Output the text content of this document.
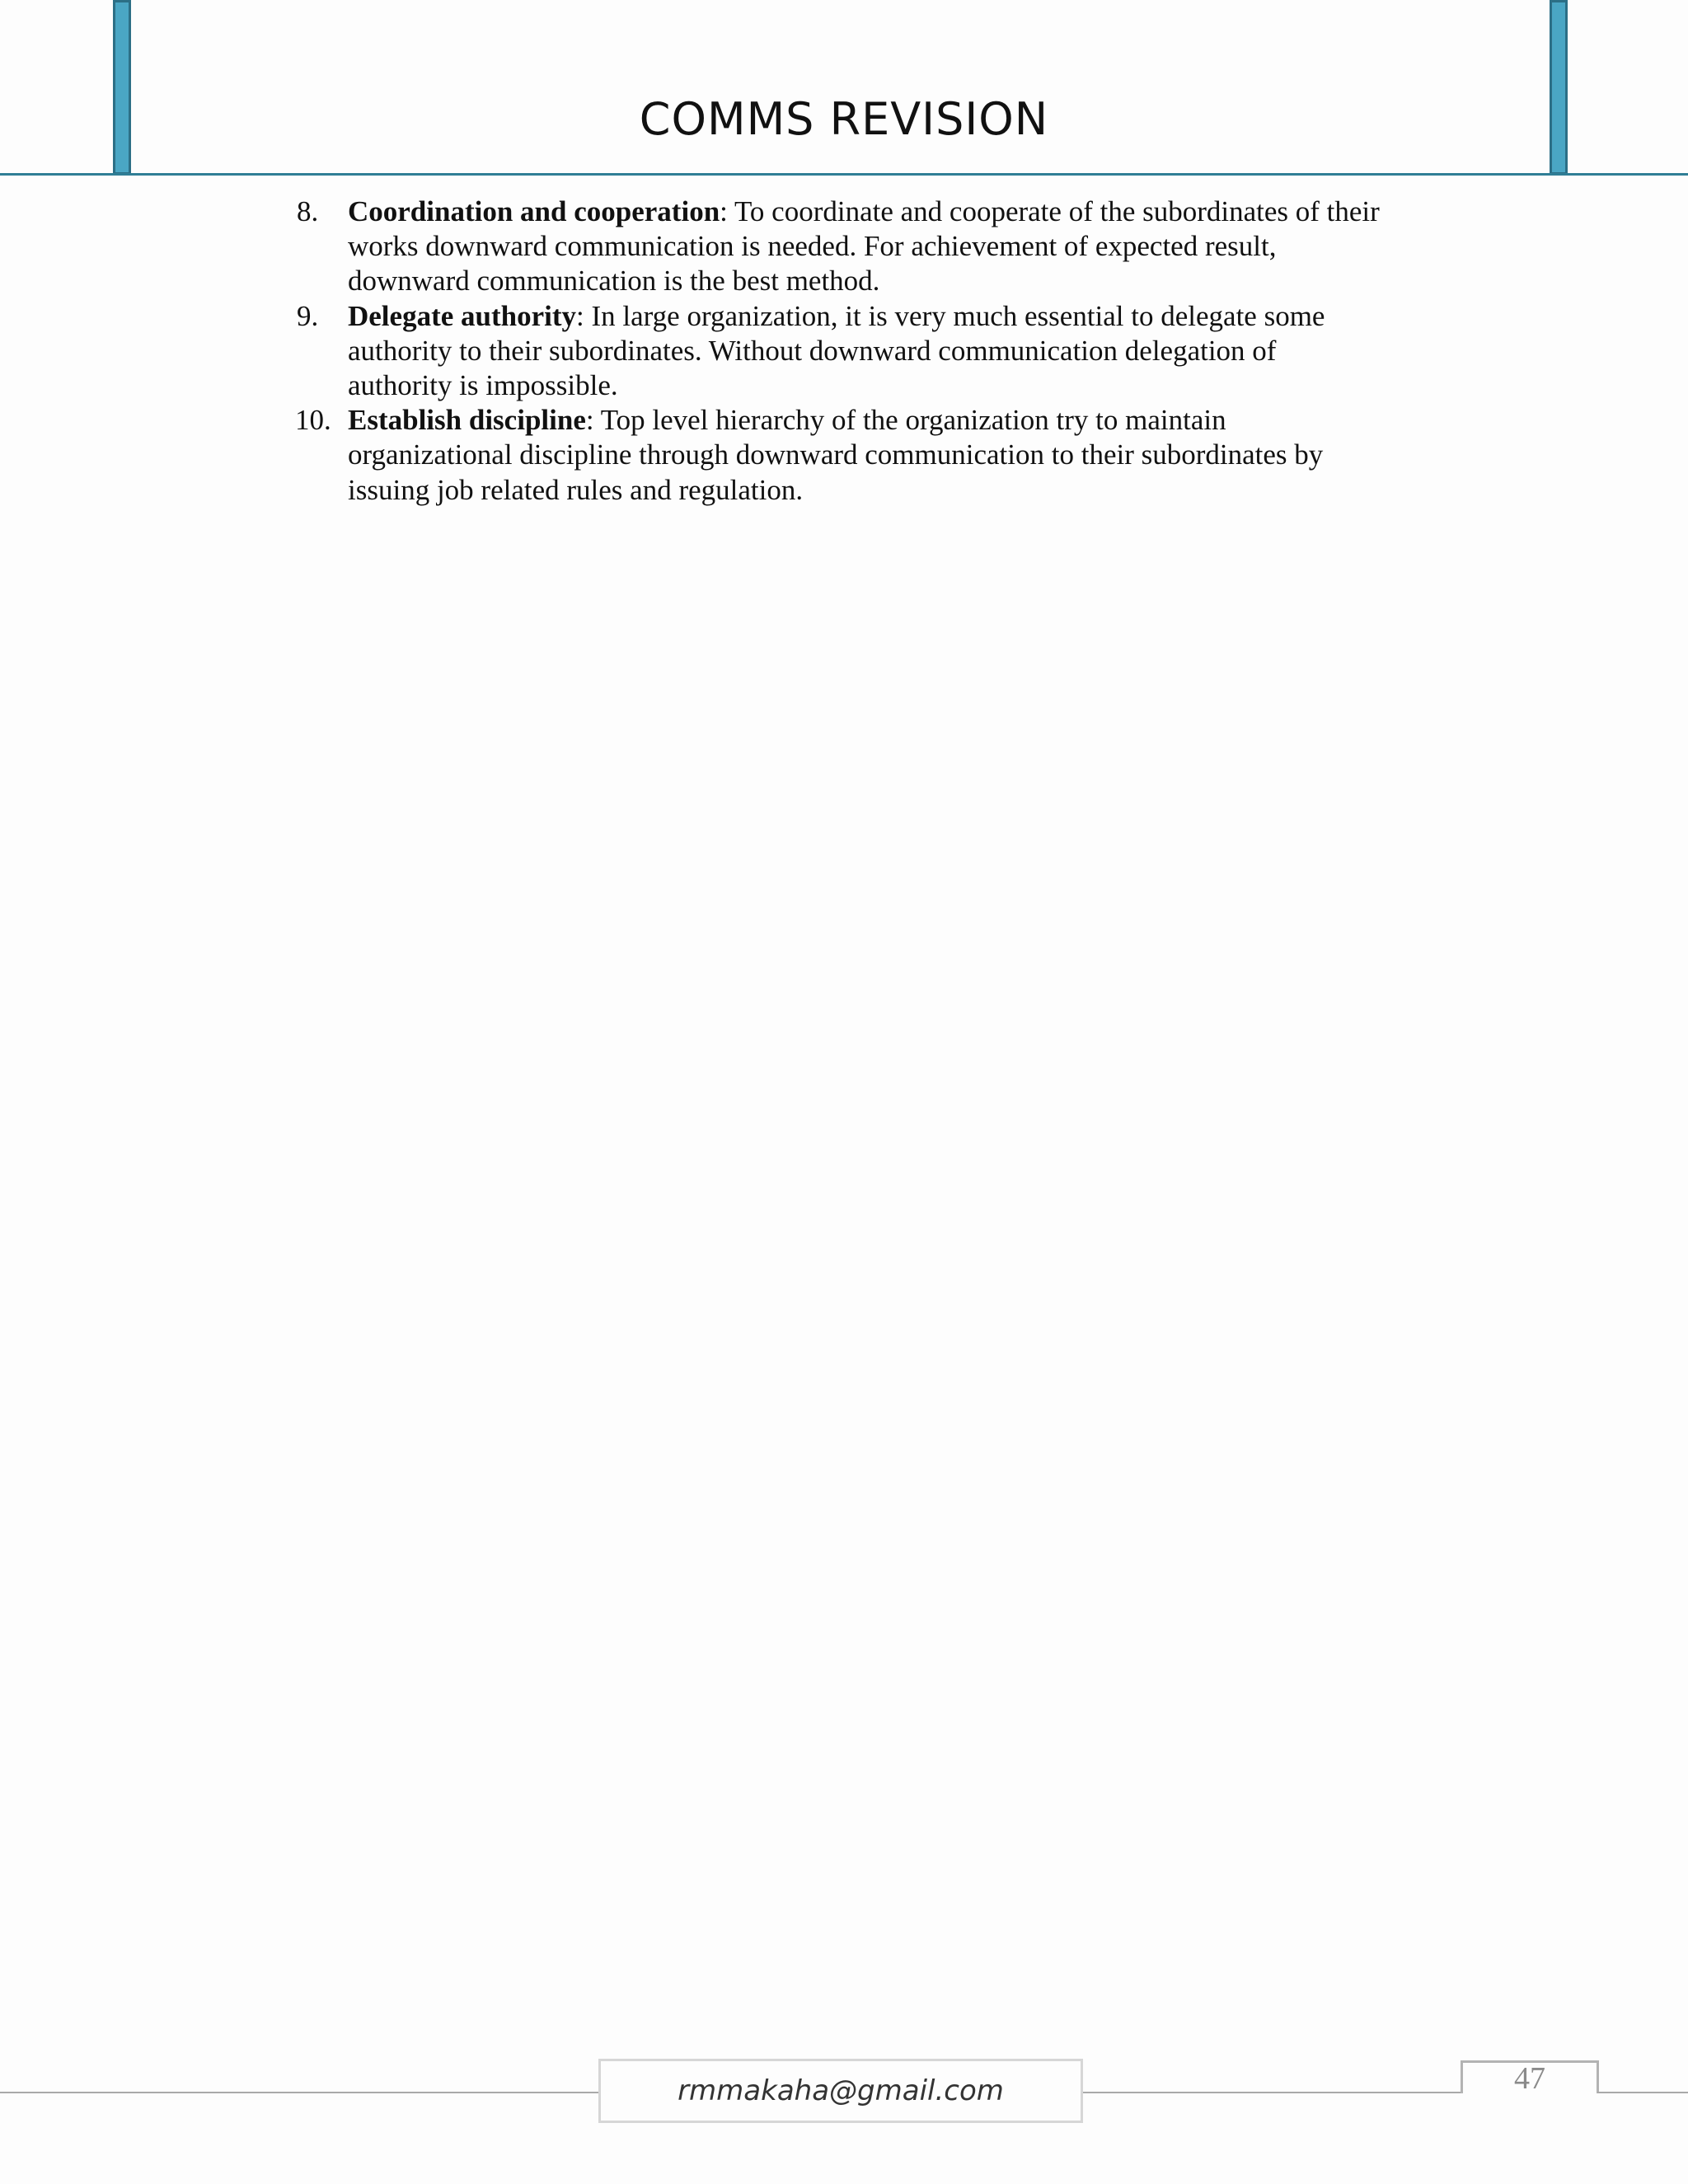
COMMS REVISION
8. Coordination and cooperation: To coordinate and cooperate of the subordinates of their
works downward communication is needed. For achievement of expected result,
downward communication is the best method.
9. Delegate authority: In large organization, it is very much essential to delegate some
authority to their subordinates. Without downward communication delegation of
authority is impossible.
10. Establish discipline: Top level hierarchy of the organization try to maintain
organizational discipline through downward communication to their subordinates by
issuing job related rules and regulation.
rmmakaha@gmail.com	47
